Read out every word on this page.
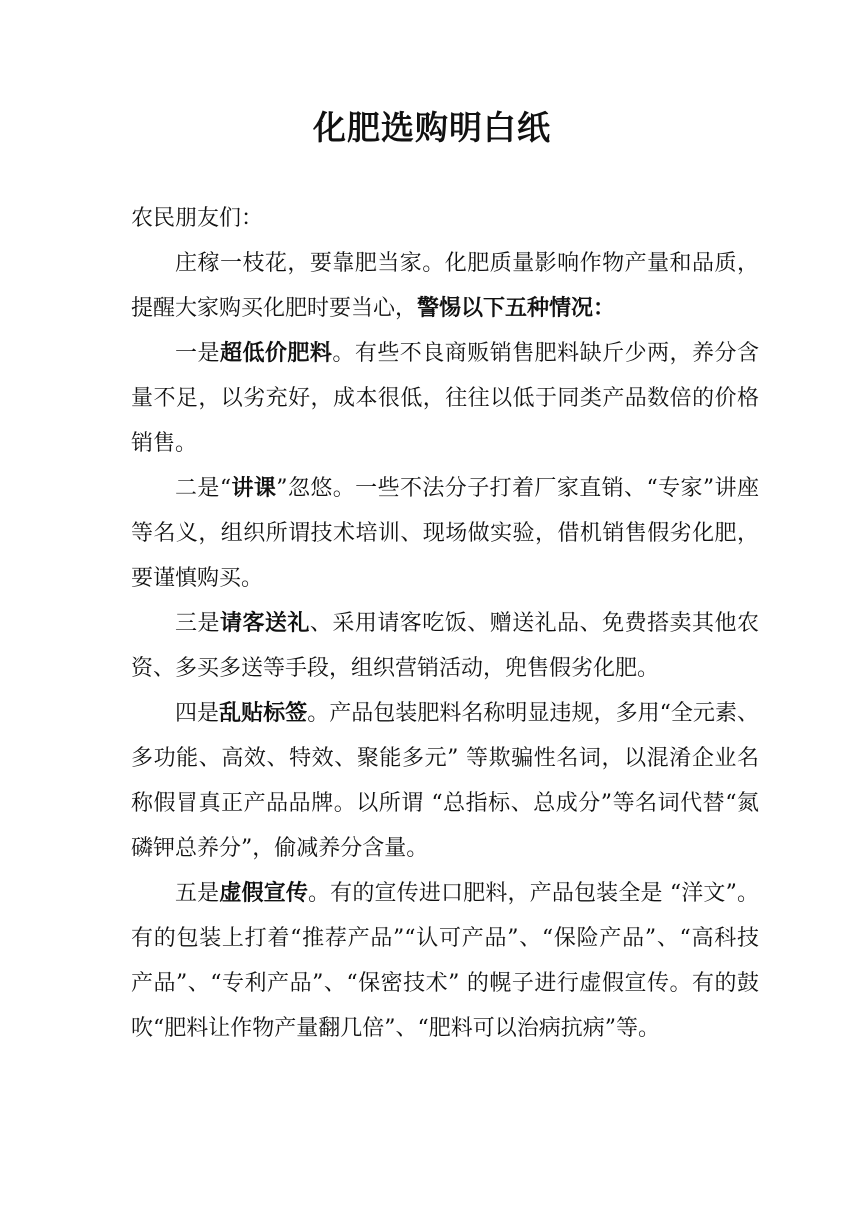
化肥选购明白纸

农民朋友们：

庄稼一枝花，要靠肥当家。化肥质量影响作物产量和品质，提醒大家购买化肥时要当心，警惕以下五种情况：

一是超低价肥料。有些不良商贩销售肥料缺斤少两，养分含量不足，以劣充好，成本很低，往往以低于同类产品数倍的价格销售。

二是“讲课”忽悠。一些不法分子打着厂家直销、“专家”讲座等名义，组织所谓技术培训、现场做实验，借机销售假劣化肥，要谨慎购买。

三是请客送礼、采用请客吃饭、赠送礼品、免费搭卖其他农资、多买多送等手段，组织营销活动，兜售假劣化肥。

四是乱贴标签。产品包装肥料名称明显违规，多用“全元素、多功能、高效、特效、聚能多元” 等欺骗性名词，以混淆企业名称假冒真正产品品牌。以所谓 “总指标、总成分”等名词代替“氮磷钾总养分”，偷减养分含量。

五是虚假宣传。有的宣传进口肥料，产品包装全是 “洋文”。有的包装上打着“推荐产品”“认可产品”、“保险产品”、“高科技产品”、“专利产品”、“保密技术” 的幌子进行虚假宣传。有的鼓吹“肥料让作物产量翻几倍”、“肥料可以治病抗病”等。
